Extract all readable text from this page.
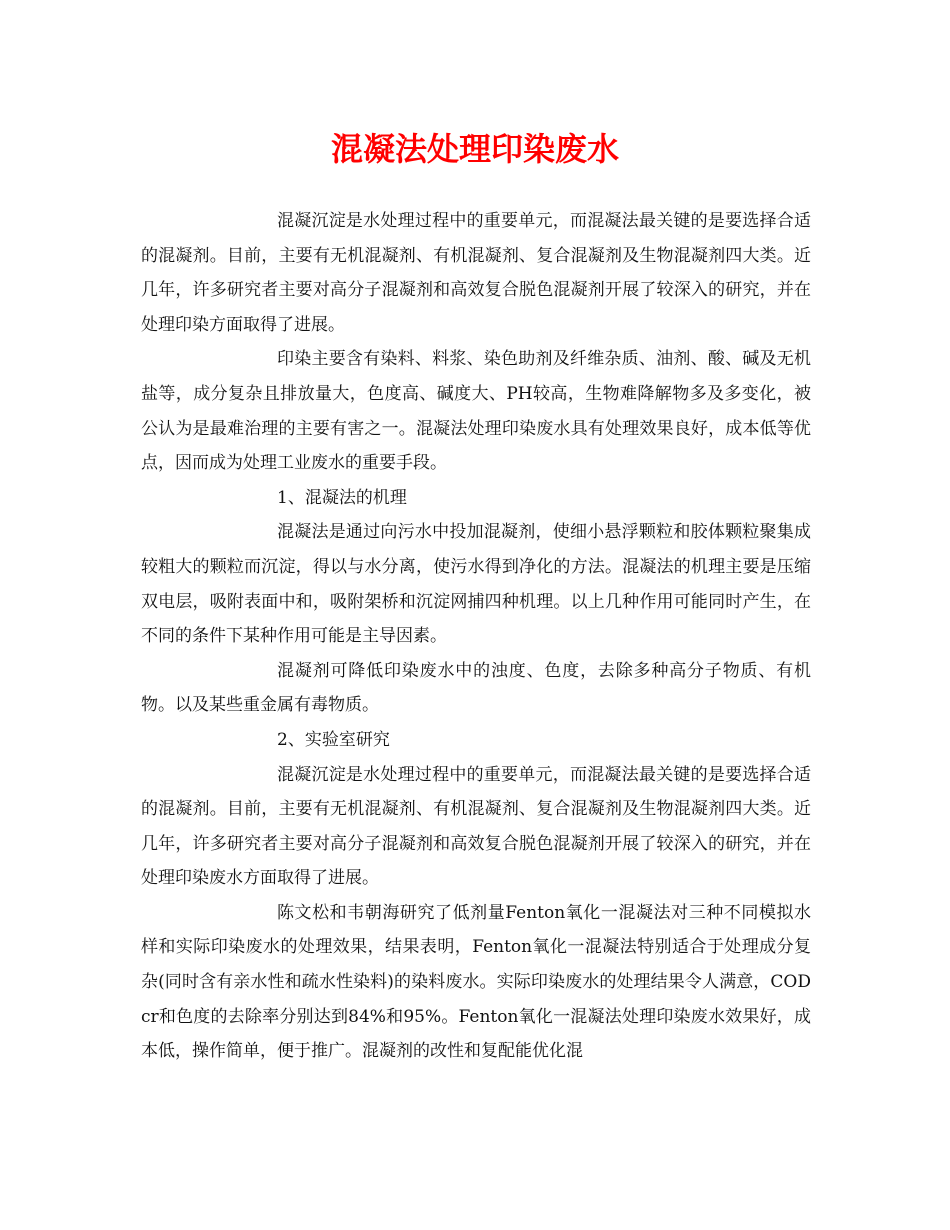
混凝法处理印染废水

混凝沉淀是水处理过程中的重要单元，而混凝法最关键的是要选择合适的混凝剂。目前，主要有无机混凝剂、有机混凝剂、复合混凝剂及生物混凝剂四大类。近几年，许多研究者主要对高分子混凝剂和高效复合脱色混凝剂开展了较深入的研究，并在处理印染方面取得了进展。

印染主要含有染料、料浆、染色助剂及纤维杂质、油剂、酸、碱及无机盐等，成分复杂且排放量大，色度高、碱度大、PH较高，生物难降解物多及多变化，被公认为是最难治理的主要有害之一。混凝法处理印染废水具有处理效果良好，成本低等优点，因而成为处理工业废水的重要手段。

1、混凝法的机理

混凝法是通过向污水中投加混凝剂，使细小悬浮颗粒和胶体颗粒聚集成较粗大的颗粒而沉淀，得以与水分离，使污水得到净化的方法。混凝法的机理主要是压缩双电层，吸附表面中和，吸附架桥和沉淀网捕四种机理。以上几种作用可能同时产生，在不同的条件下某种作用可能是主导因素。

混凝剂可降低印染废水中的浊度、色度，去除多种高分子物质、有机物。以及某些重金属有毒物质。

2、实验室研究

混凝沉淀是水处理过程中的重要单元，而混凝法最关键的是要选择合适的混凝剂。目前，主要有无机混凝剂、有机混凝剂、复合混凝剂及生物混凝剂四大类。近几年，许多研究者主要对高分子混凝剂和高效复合脱色混凝剂开展了较深入的研究，并在处理印染废水方面取得了进展。

陈文松和韦朝海研究了低剂量Fenton氧化一混凝法对三种不同模拟水样和实际印染废水的处理效果，结果表明，Fenton氧化一混凝法特别适合于处理成分复杂(同时含有亲水性和疏水性染料)的染料废水。实际印染废水的处理结果令人满意，CODcr和色度的去除率分别达到84%和95%。Fenton氧化一混凝法处理印染废水效果好，成本低，操作简单，便于推广。混凝剂的改性和复配能优化混
